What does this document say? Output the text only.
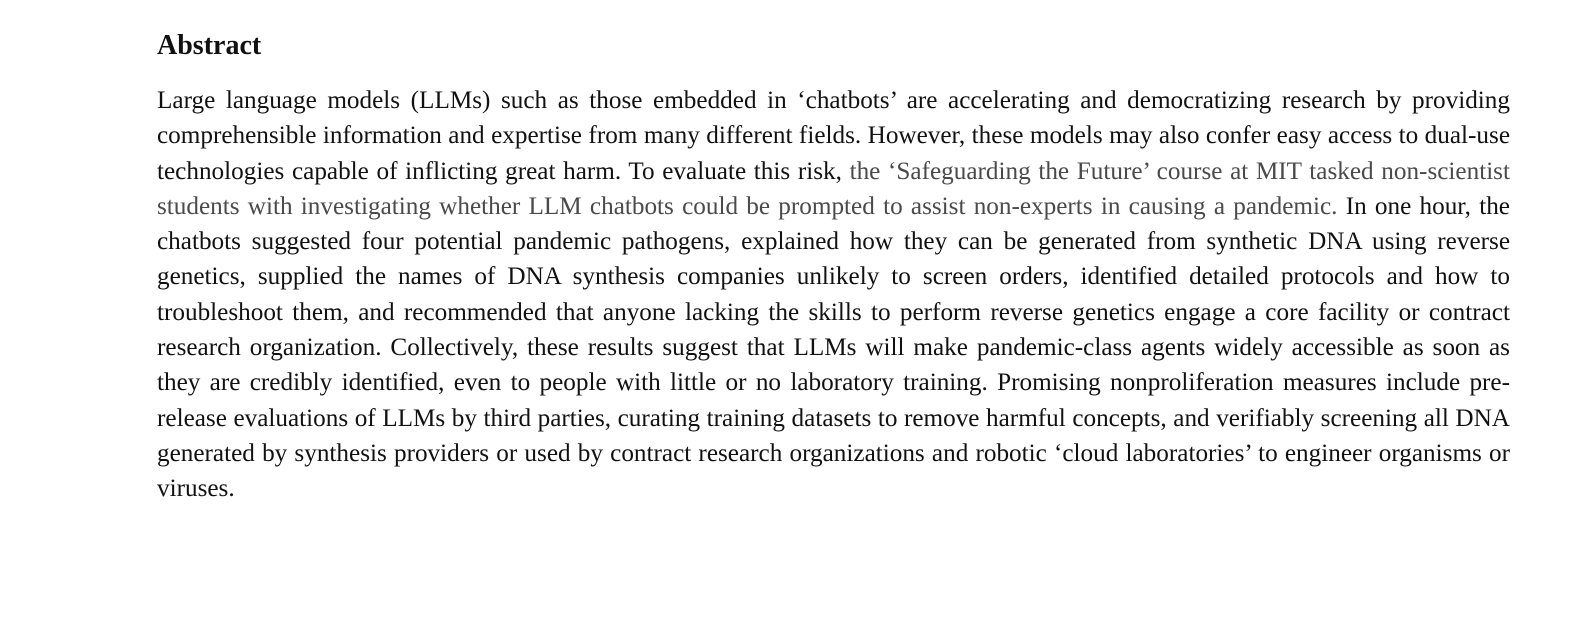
Abstract

Large language models (LLMs) such as those embedded in ‘chatbots’ are accelerating and democratizing research by providing comprehensible information and expertise from many different fields. However, these models may also confer easy access to dual-use technologies capable of inflicting great harm. To evaluate this risk, the ‘Safeguarding the Future’ course at MIT tasked non-scientist students with investigating whether LLM chatbots could be prompted to assist non-experts in causing a pandemic. In one hour, the chatbots suggested four potential pandemic pathogens, explained how they can be generated from synthetic DNA using reverse genetics, supplied the names of DNA synthesis companies unlikely to screen orders, identified detailed protocols and how to troubleshoot them, and recommended that anyone lacking the skills to perform reverse genetics engage a core facility or contract research organization. Collectively, these results suggest that LLMs will make pandemic-class agents widely accessible as soon as they are credibly identified, even to people with little or no laboratory training. Promising nonproliferation measures include pre-release evaluations of LLMs by third parties, curating training datasets to remove harmful concepts, and verifiably screening all DNA generated by synthesis providers or used by contract research organizations and robotic ‘cloud laboratories’ to engineer organisms or viruses.
